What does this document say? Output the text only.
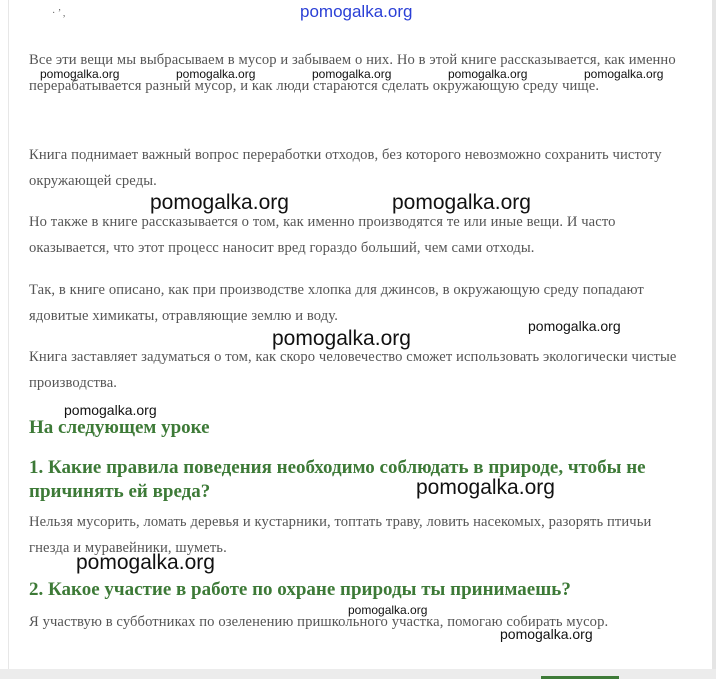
· ’ ,	pomogalka.org

Все эти вещи мы выбрасываем в мусор и забываем о них. Но в этой книге рассказывается, как именно перерабатывается разный мусор, и как люди стараются сделать окружающую среду чище.

pomogalka.org	pomogalka.org	pomogalka.org	pomogalka.org	pomogalka.org

Книга поднимает важный вопрос переработки отходов, без которого невозможно сохранить чистоту окружающей среды.

pomogalka.org	pomogalka.org

Но также в книге рассказывается о том, как именно производятся те или иные вещи. И часто оказывается, что этот процесс наносит вред гораздо больший, чем сами отходы.

Так, в книге описано, как при производстве хлопка для джинсов, в окружающую среду попадают ядовитые химикаты, отравляющие землю и воду.

pomogalka.org
pomogalka.org

Книга заставляет задуматься о том, как скоро человечество сможет использовать экологически чистые производства.

pomogalka.org
На следующем уроке
1. Какие правила поведения необходимо соблюдать в природе, чтобы не причинять ей вреда?	pomogalka.org

Нельзя мусорить, ломать деревья и кустарники, топтать траву, ловить насекомых, разорять птичьи гнезда и муравейники, шуметь.

pomogalka.org
2. Какое участие в работе по охране природы ты принимаешь?
pomogalka.org

Я участвую в субботниках по озеленению пришкольного участка, помогаю собирать мусор.

pomogalka.org
